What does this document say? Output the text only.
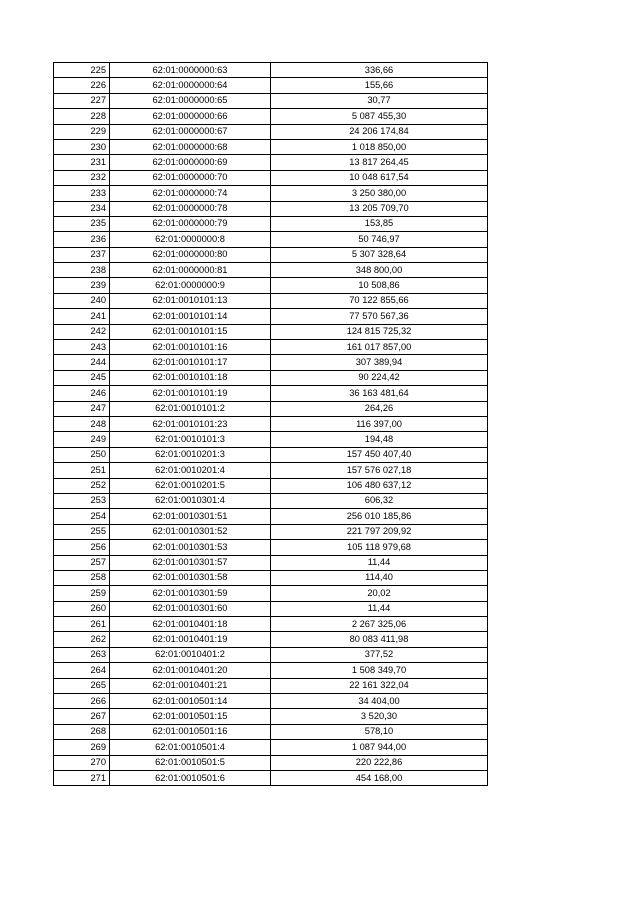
225	62:01:0000000:63	336,66
226	62:01:0000000:64	155,66
227	62:01:0000000:65	30,77
228	62:01:0000000:66	5 087 455,30
229	62:01:0000000:67	24 206 174,84
230	62:01:0000000:68	1 018 850,00
231	62:01:0000000:69	13 817 264,45
232	62:01:0000000:70	10 048 617,54
233	62:01:0000000:74	3 250 380,00
234	62:01:0000000:78	13 205 709,70
235	62:01:0000000:79	153,85
236	62:01:0000000:8	50 746,97
237	62:01:0000000:80	5 307 328,64
238	62:01:0000000:81	348 800,00
239	62:01:0000000:9	10 508,86
240	62:01:0010101:13	70 122 855,66
241	62:01:0010101:14	77 570 567,36
242	62:01:0010101:15	124 815 725,32
243	62:01:0010101:16	161 017 857,00
244	62:01:0010101:17	307 389,94
245	62:01:0010101:18	90 224,42
246	62:01:0010101:19	36 163 481,64
247	62:01:0010101:2	264,26
248	62:01:0010101:23	116 397,00
249	62:01:0010101:3	194,48
250	62:01:0010201:3	157 450 407,40
251	62:01:0010201:4	157 576 027,18
252	62:01:0010201:5	106 480 637,12
253	62:01:0010301:4	606,32
254	62:01:0010301:51	256 010 185,86
255	62:01:0010301:52	221 797 209,92
256	62:01:0010301:53	105 118 979,68
257	62:01:0010301:57	11,44
258	62:01:0010301:58	114,40
259	62:01:0010301:59	20,02
260	62:01:0010301:60	11,44
261	62:01:0010401:18	2 267 325,06
262	62:01:0010401:19	80 083 411,98
263	62:01:0010401:2	377,52
264	62:01:0010401:20	1 508 349,70
265	62:01:0010401:21	22 161 322,04
266	62:01:0010501:14	34 404,00
267	62:01:0010501:15	3 520,30
268	62:01:0010501:16	578,10
269	62:01:0010501:4	1 087 944,00
270	62:01:0010501:5	220 222,86
271	62:01:0010501:6	454 168,00
